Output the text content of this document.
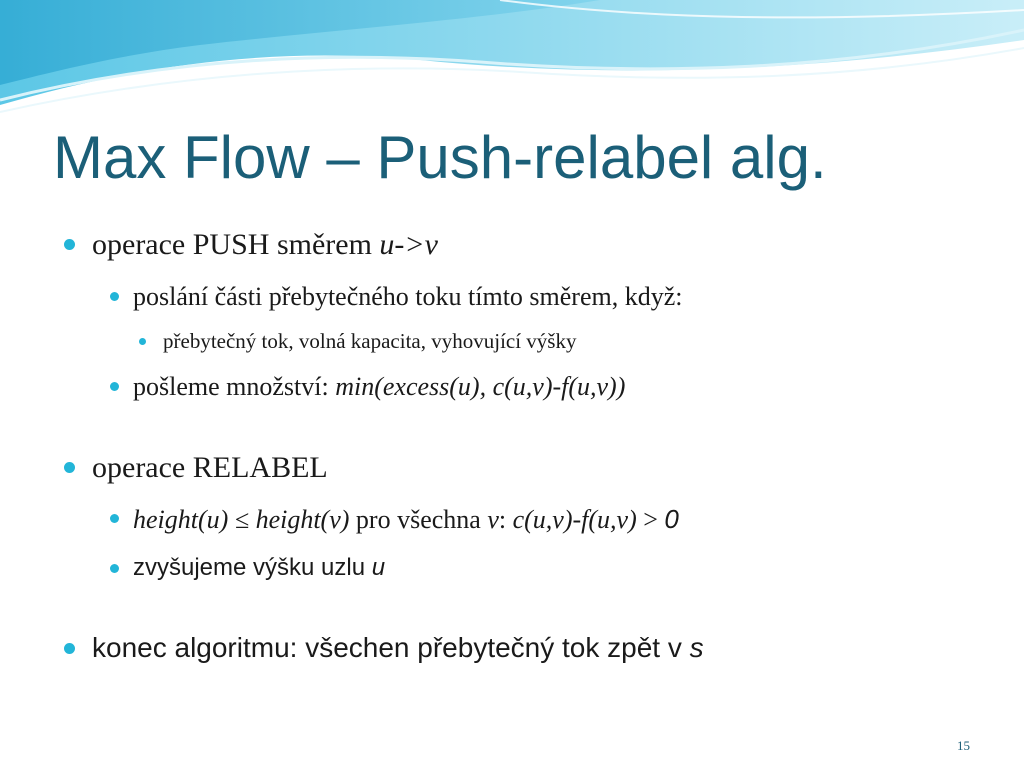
Max Flow – Push-relabel alg.
operace PUSH směrem u->v
poslání části přebytečného toku tímto směrem, když:
přebytečný tok, volná kapacita, vyhovující výšky
pošleme množství: min(excess(u), c(u,v)-f(u,v))
operace RELABEL
height(u) ≤ height(v) pro všechna v: c(u,v)-f(u,v) > 0
zvyšujeme výšku uzlu u
konec algoritmu: všechen přebytečný tok zpět v s
15
